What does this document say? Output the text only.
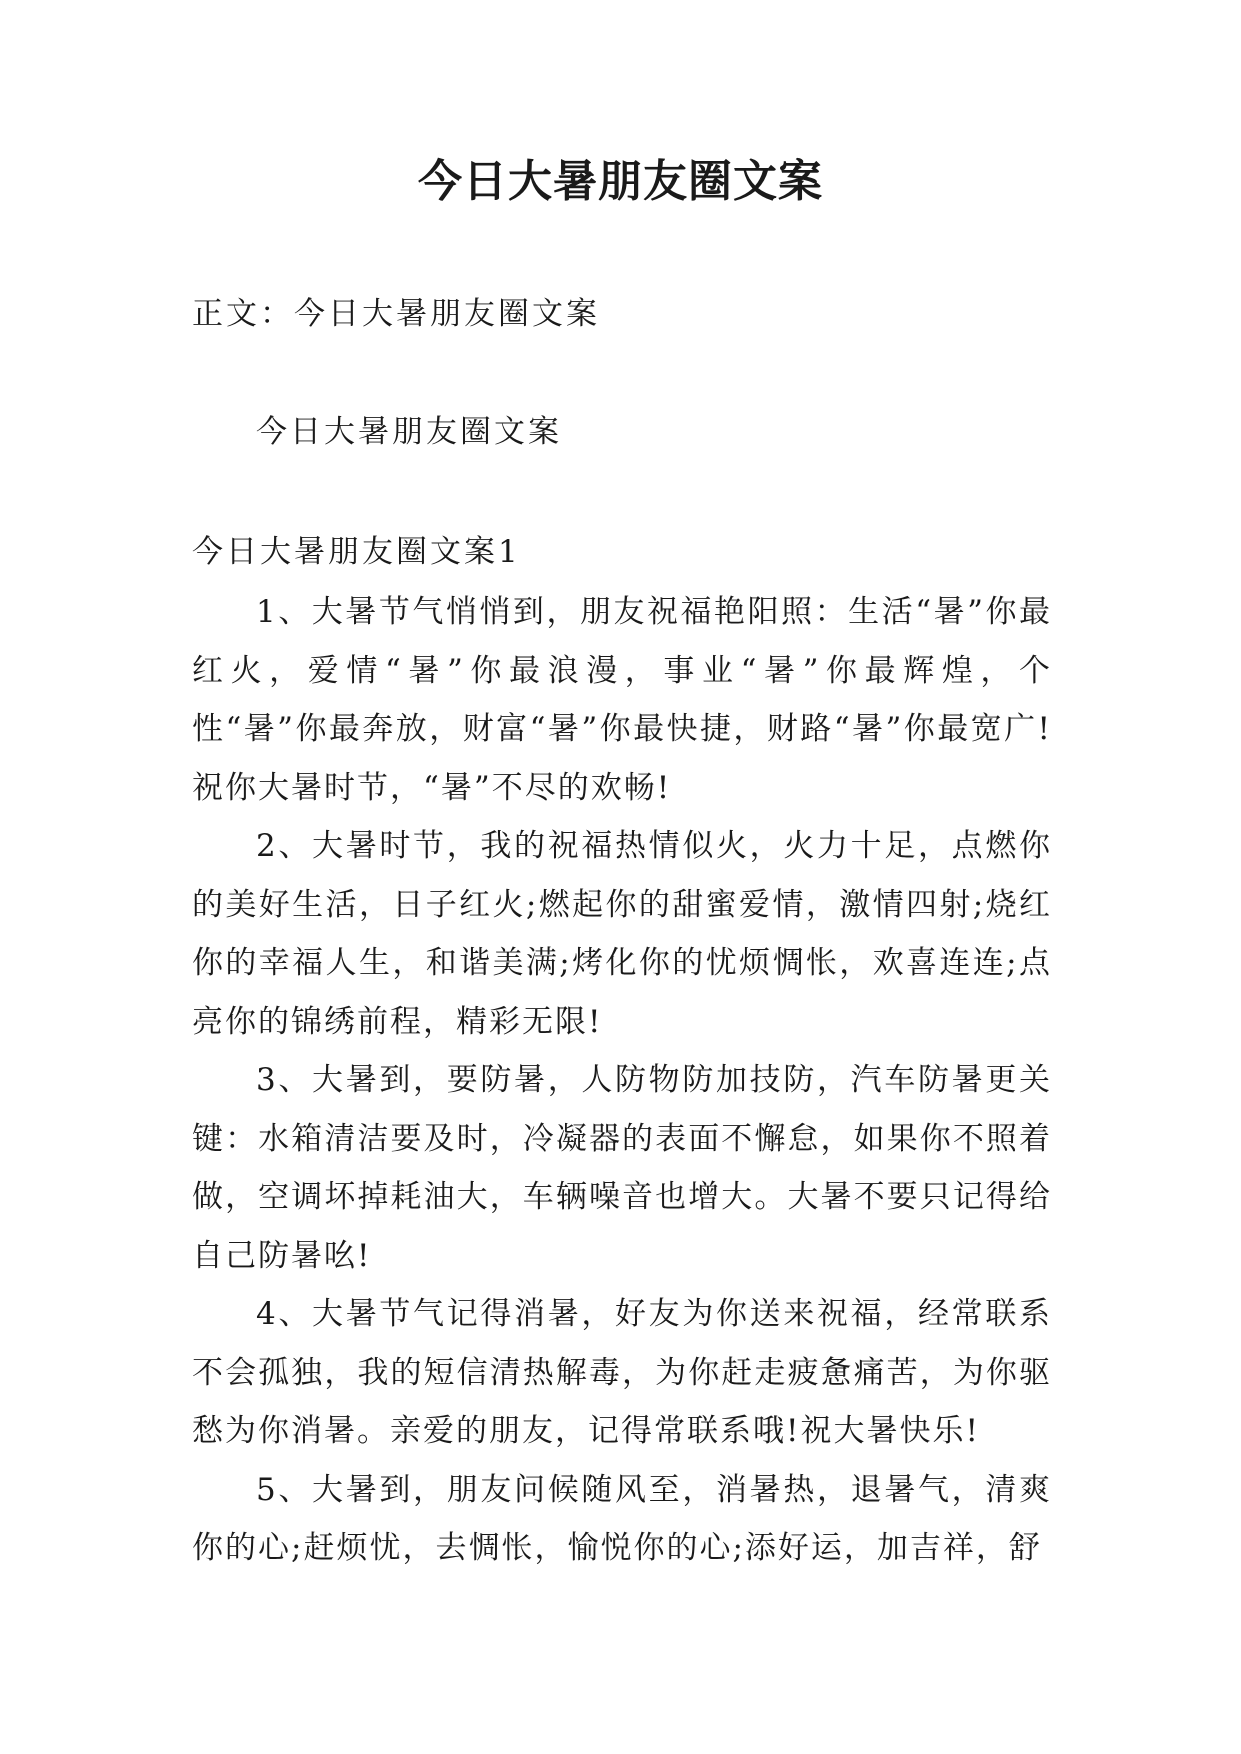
今日大暑朋友圈文案
正文：今日大暑朋友圈文案
今日大暑朋友圈文案
今日大暑朋友圈文案1

1、大暑节气悄悄到，朋友祝福艳阳照：生活“暑”你最红火，爱情“暑”你最浪漫，事业“暑”你最辉煌，个性“暑”你最奔放，财富“暑”你最快捷，财路“暑”你最宽广!祝你大暑时节，“暑”不尽的欢畅!

2、大暑时节，我的祝福热情似火，火力十足，点燃你的美好生活，日子红火;燃起你的甜蜜爱情，激情四射;烧红你的幸福人生，和谐美满;烤化你的忧烦惆怅，欢喜连连;点亮你的锦绣前程，精彩无限!

3、大暑到，要防暑，人防物防加技防，汽车防暑更关键：水箱清洁要及时，冷凝器的表面不懈怠，如果你不照着做，空调坏掉耗油大，车辆噪音也增大。大暑不要只记得给自己防暑吆!

4、大暑节气记得消暑，好友为你送来祝福，经常联系不会孤独，我的短信清热解毒，为你赶走疲惫痛苦，为你驱愁为你消暑。亲爱的朋友，记得常联系哦!祝大暑快乐!

5、大暑到，朋友问候随风至，消暑热，退暑气，清爽你的心;赶烦忧，去惆怅，愉悦你的心;添好运，加吉祥，舒
